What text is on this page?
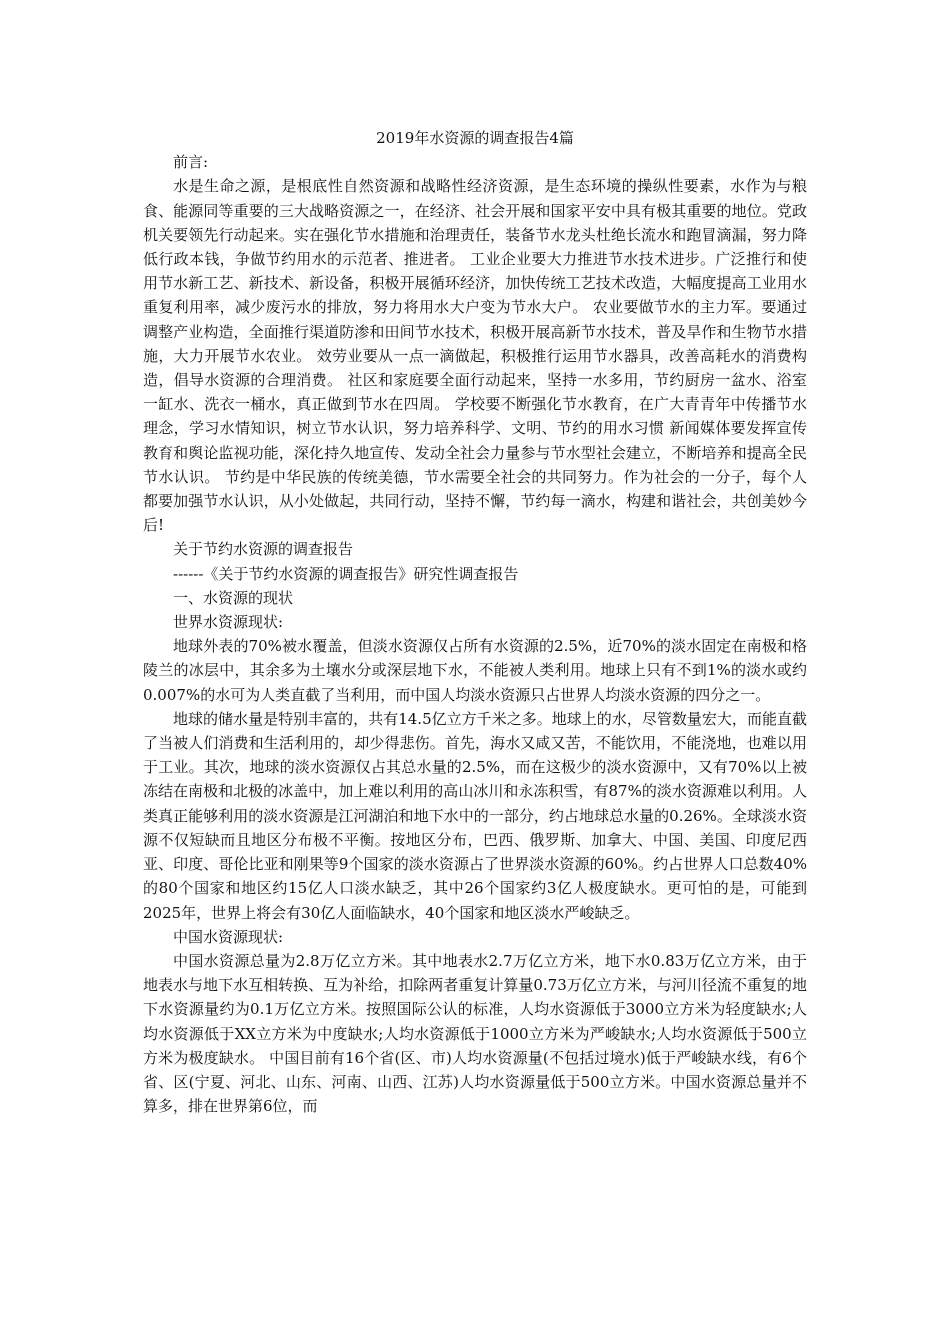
2019年水资源的调查报告4篇

前言:

水是生命之源，是根底性自然资源和战略性经济资源，是生态环境的操纵性要素，水作为与粮食、能源同等重要的三大战略资源之一，在经济、社会开展和国家平安中具有极其重要的地位。党政机关要领先行动起来。实在强化节水措施和治理责任，装备节水龙头杜绝长流水和跑冒滴漏，努力降低行政本钱，争做节约用水的示范者、推进者。 工业企业要大力推进节水技术进步。广泛推行和使用节水新工艺、新技术、新设备，积极开展循环经济，加快传统工艺技术改造，大幅度提高工业用水重复利用率，减少废污水的排放，努力将用水大户变为节水大户。 农业要做节水的主力军。要通过调整产业构造，全面推行渠道防渗和田间节水技术，积极开展高新节水技术，普及旱作和生物节水措施，大力开展节水农业。 效劳业要从一点一滴做起，积极推行运用节水器具，改善高耗水的消费构造，倡导水资源的合理消费。 社区和家庭要全面行动起来，坚持一水多用，节约厨房一盆水、浴室一缸水、洗衣一桶水，真正做到节水在四周。 学校要不断强化节水教育，在广大青青年中传播节水理念，学习水情知识，树立节水认识，努力培养科学、文明、节约的用水习惯 新闻媒体要发挥宣传教育和舆论监视功能，深化持久地宣传、发动全社会力量参与节水型社会建立，不断培养和提高全民节水认识。 节约是中华民族的传统美德，节水需要全社会的共同努力。作为社会的一分子，每个人都要加强节水认识，从小处做起，共同行动，坚持不懈，节约每一滴水，构建和谐社会，共创美妙今后!

关于节约水资源的调查报告

------《关于节约水资源的调查报告》研究性调查报告

一、水资源的现状

世界水资源现状:

地球外表的70%被水覆盖，但淡水资源仅占所有水资源的2.5%，近70%的淡水固定在南极和格陵兰的冰层中，其余多为土壤水分或深层地下水，不能被人类利用。地球上只有不到1%的淡水或约0.007%的水可为人类直截了当利用，而中国人均淡水资源只占世界人均淡水资源的四分之一。

地球的储水量是特别丰富的，共有14.5亿立方千米之多。地球上的水，尽管数量宏大，而能直截了当被人们消费和生活利用的，却少得悲伤。首先，海水又咸又苦，不能饮用，不能浇地，也难以用于工业。其次，地球的淡水资源仅占其总水量的2.5%，而在这极少的淡水资源中，又有70%以上被冻结在南极和北极的冰盖中，加上难以利用的高山冰川和永冻积雪，有87%的淡水资源难以利用。人类真正能够利用的淡水资源是江河湖泊和地下水中的一部分，约占地球总水量的0.26%。全球淡水资源不仅短缺而且地区分布极不平衡。按地区分布，巴西、俄罗斯、加拿大、中国、美国、印度尼西亚、印度、哥伦比亚和刚果等9个国家的淡水资源占了世界淡水资源的60%。约占世界人口总数40%的80个国家和地区约15亿人口淡水缺乏，其中26个国家约3亿人极度缺水。更可怕的是，可能到2025年，世界上将会有30亿人面临缺水，40个国家和地区淡水严峻缺乏。

中国水资源现状:

中国水资源总量为2.8万亿立方米。其中地表水2.7万亿立方米，地下水0.83万亿立方米，由于地表水与地下水互相转换、互为补给，扣除两者重复计算量0.73万亿立方米，与河川径流不重复的地下水资源量约为0.1万亿立方米。按照国际公认的标准，人均水资源低于3000立方米为轻度缺水;人均水资源低于XX立方米为中度缺水;人均水资源低于1000立方米为严峻缺水;人均水资源低于500立方米为极度缺水。 中国目前有16个省(区、市)人均水资源量(不包括过境水)低于严峻缺水线，有6个省、区(宁夏、河北、山东、河南、山西、江苏)人均水资源量低于500立方米。中国水资源总量并不算多，排在世界第6位，而
